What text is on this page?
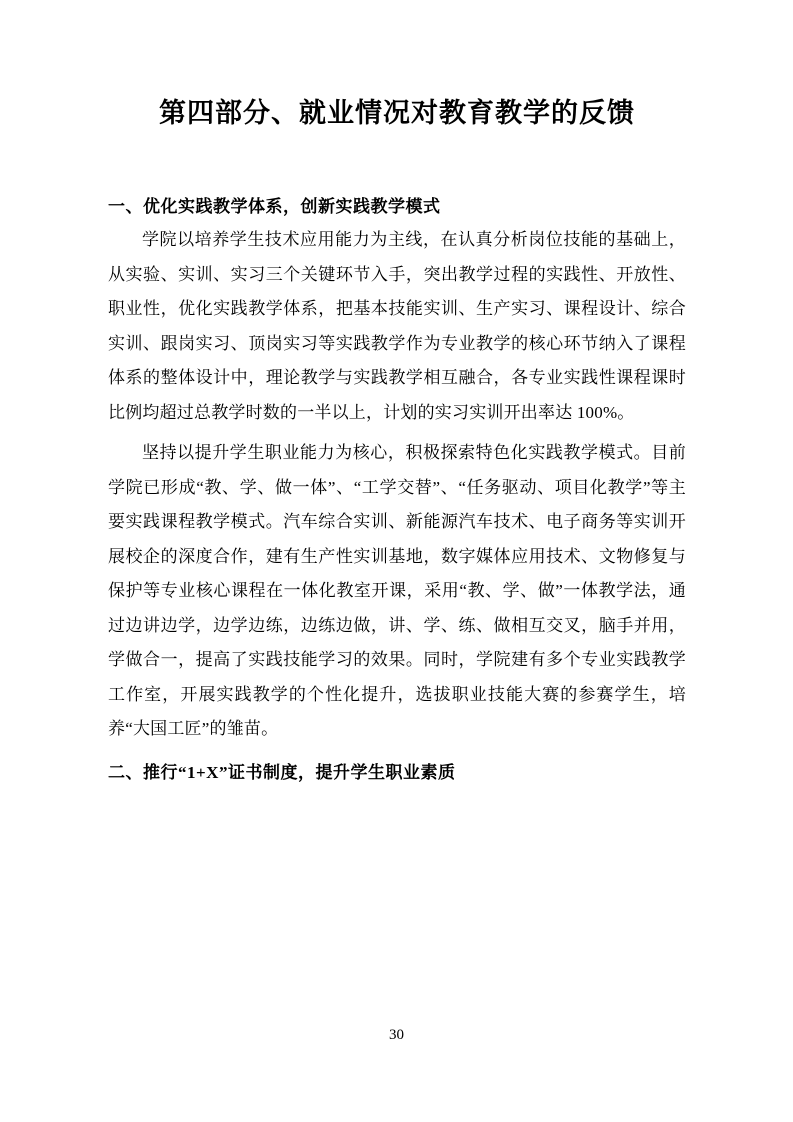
第四部分、就业情况对教育教学的反馈
一、优化实践教学体系，创新实践教学模式

学院以培养学生技术应用能力为主线，在认真分析岗位技能的基础上，从实验、实训、实习三个关键环节入手，突出教学过程的实践性、开放性、职业性，优化实践教学体系，把基本技能实训、生产实习、课程设计、综合实训、跟岗实习、顶岗实习等实践教学作为专业教学的核心环节纳入了课程体系的整体设计中，理论教学与实践教学相互融合，各专业实践性课程课时比例均超过总教学时数的一半以上，计划的实习实训开出率达 100%。

坚持以提升学生职业能力为核心，积极探索特色化实践教学模式。目前学院已形成“教、学、做一体”、“工学交替”、“任务驱动、项目化教学”等主要实践课程教学模式。汽车综合实训、新能源汽车技术、电子商务等实训开展校企的深度合作，建有生产性实训基地，数字媒体应用技术、文物修复与保护等专业核心课程在一体化教室开课，采用“教、学、做”一体教学法，通过边讲边学，边学边练，边练边做，讲、学、练、做相互交叉，脑手并用，学做合一，提高了实践技能学习的效果。同时，学院建有多个专业实践教学工作室，开展实践教学的个性化提升，选拔职业技能大赛的参赛学生，培养“大国工匠”的雏苗。

二、推行“1+X”证书制度，提升学生职业素质
30
